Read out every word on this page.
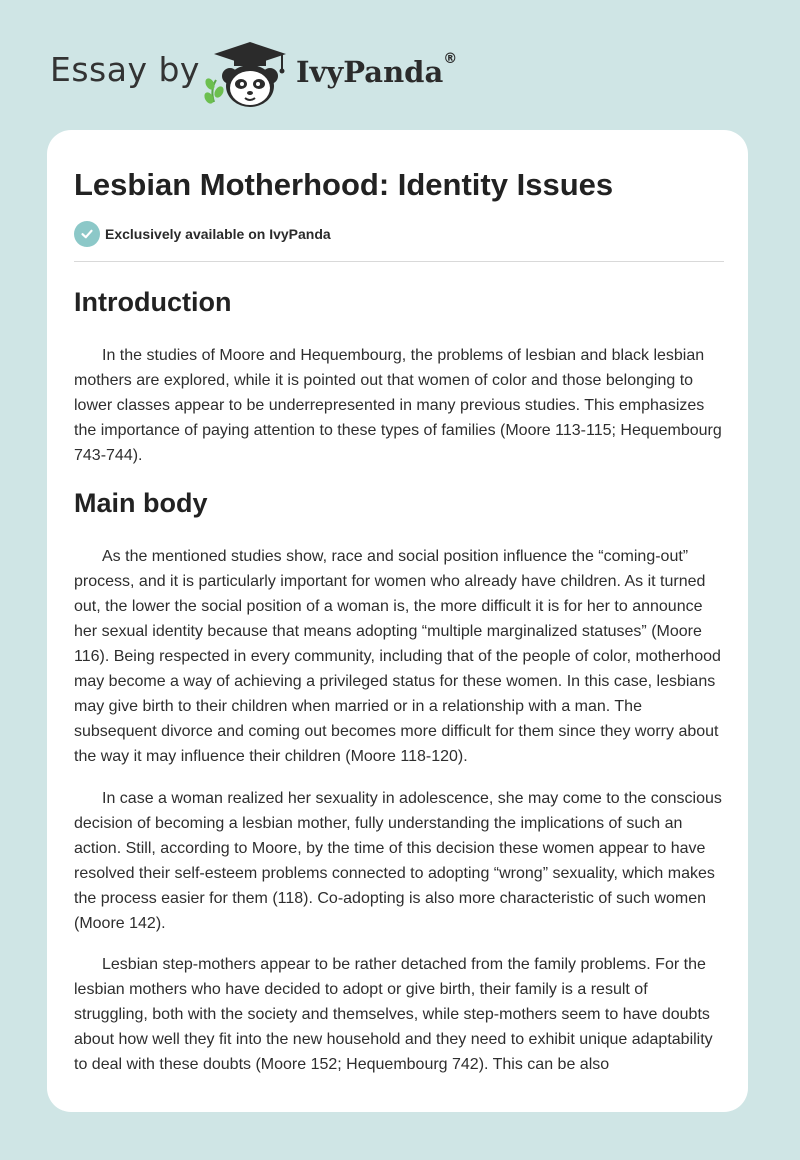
Essay by	IvyPanda®
Lesbian Motherhood: Identity Issues
Exclusively available on IvyPanda
Introduction

In the studies of Moore and Hequembourg, the problems of lesbian and black lesbian mothers are explored, while it is pointed out that women of color and those belonging to lower classes appear to be underrepresented in many previous studies. This emphasizes the importance of paying attention to these types of families (Moore 113-115; Hequembourg 743-744).

Main body

As the mentioned studies show, race and social position influence the “coming-out” process, and it is particularly important for women who already have children. As it turned out, the lower the social position of a woman is, the more difficult it is for her to announce her sexual identity because that means adopting “multiple marginalized statuses” (Moore 116). Being respected in every community, including that of the people of color, motherhood may become a way of achieving a privileged status for these women. In this case, lesbians may give birth to their children when married or in a relationship with a man. The subsequent divorce and coming out becomes more difficult for them since they worry about the way it may influence their children (Moore 118-120).

In case a woman realized her sexuality in adolescence, she may come to the conscious decision of becoming a lesbian mother, fully understanding the implications of such an action. Still, according to Moore, by the time of this decision these women appear to have resolved their self-esteem problems connected to adopting “wrong” sexuality, which makes the process easier for them (118). Co-adopting is also more characteristic of such women (Moore 142).

Lesbian step-mothers appear to be rather detached from the family problems. For the lesbian mothers who have decided to adopt or give birth, their family is a result of struggling, both with the society and themselves, while step-mothers seem to have doubts about how well they fit into the new household and they need to exhibit unique adaptability to deal with these doubts (Moore 152; Hequembourg 742). This can be also
